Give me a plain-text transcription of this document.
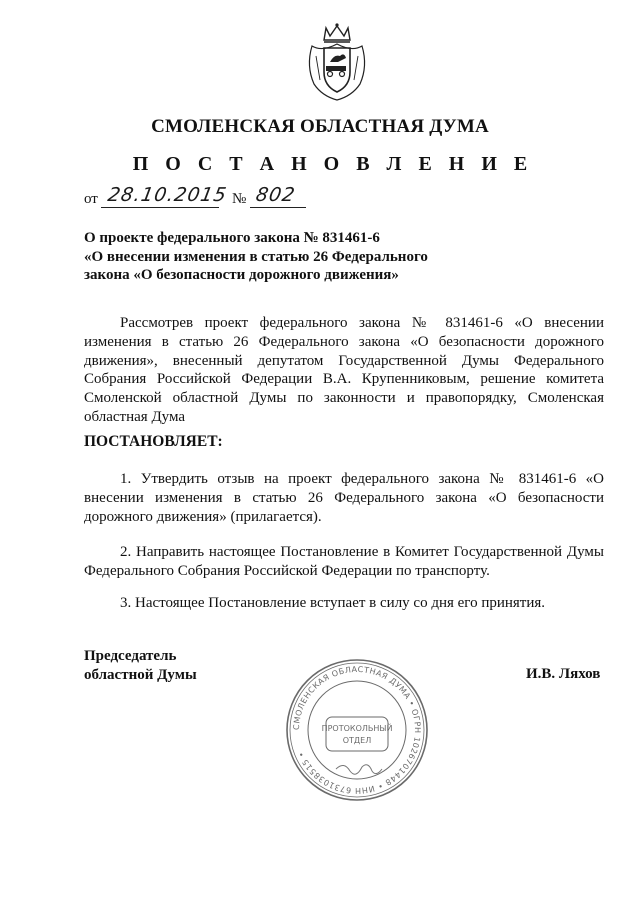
СМОЛЕНСКАЯ ОБЛАСТНАЯ ДУМА
П О С Т А Н О В Л Е Н И Е
от 28.10.2015 № 802
О проекте федерального закона № 831461-6
«О внесении изменения в статью 26 Федерального
закона «О безопасности дорожного движения»
Рассмотрев проект федерального закона № 831461-6 «О внесении изменения в статью 26 Федерального закона «О безопасности дорожного движения», внесенный депутатом Государственной Думы Федерального Собрания Российской Федерации В.А. Крупенниковым, решение комитета Смоленской областной Думы по законности и правопорядку, Смоленская областная Дума
ПОСТАНОВЛЯЕТ:
1. Утвердить отзыв на проект федерального закона № 831461-6 «О внесении изменения в статью 26 Федерального закона «О безопасности дорожного движения» (прилагается).
2. Направить настоящее Постановление в Комитет Государственной Думы Федерального Собрания Российской Федерации по транспорту.
3. Настоящее Постановление вступает в силу со дня его принятия.
Председатель
областной Думы	И.В. Ляхов
СМОЛЕНСКАЯ ОБЛАСТНАЯ ДУМА • ОГРН 1026701448 • ИНН 6731038515 •
ПРОТОКОЛЬНЫЙ
ОТДЕЛ
